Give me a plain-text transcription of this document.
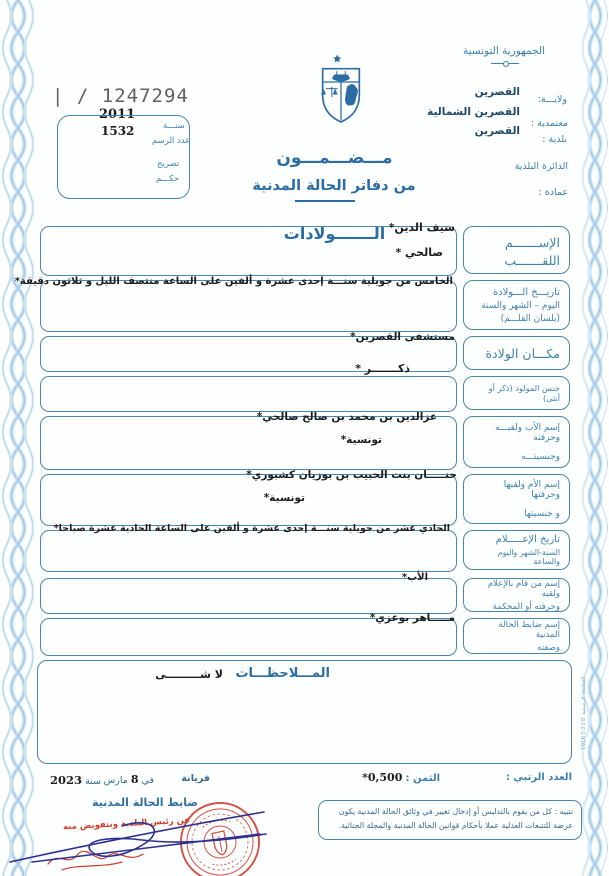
الجمهورية التونسية
القصرين
ولايـــة:
القصرين الشمالية
معتمدية :
القصرين
بلدية :
الدائرة البلدية
عمادة :
| / 1247294
2011
سنـــة
عدد الرسم
تصريح
حكـــم
1532
مـــضـــمـــون
من دفاتر الحالة المدنية
الـــــــولادات	الإســـــــم
اللقـــــــب
تاريـــخ الـــولادة
اليوم – الشهر والسنة
(بلسان القلـــم)
مكـــان الولادة
جنس المولود (ذكر أو أنثى)
إسم الأب ولقبـــه وحرفته
وجنسيتـــه
إسم الأم ولقبها وحرفتها
و جنسيتها
تاريخ الإعـــــلام
السنة-الشهر واليوم والساعة
إسم من قام بالإعلام ولقبه
وحرفته أو المحكمة
إسم ضابط الحالة المدنية
وصفته
سيف الدين*
صالحي *
الخامس من جويلية سنـــة إحدى عشرة و ألفين على الساعة منتصف الليل و ثلاثون دقيقة*
مستشفى القصرين*
ذكـــــــر *
عزالدين بن محمد بن صالح صالحي*
تونسية*
حنـــــان بنت الحبيب بن بوزيان كشبوري*
تونسية*
الحادي عشر من جويلية سنـــة إحدى عشرة و ألفين على الساعة الحادية عشرة صباحا*
الأب*
مـــــاهر بوعزي*
المـــلاحظـــات
لا شـــــــــى
المطبعة الرسمية 101R0308
العدد الرتبي :
الثمن : 0,500*
فريانة
في 8 مارس
سنة 2023
ضابط الحالة المدنية
عن رئيس البلدية وبتفويض منه
تنبيه : كل من يقوم بالتدليس أو إدخال تغيير في وثائق الحالة المدنية يكون عرضة للتتبعات العدلية عملا بأحكام قوانين الحالة المدنية والمجلة الجنائية.
